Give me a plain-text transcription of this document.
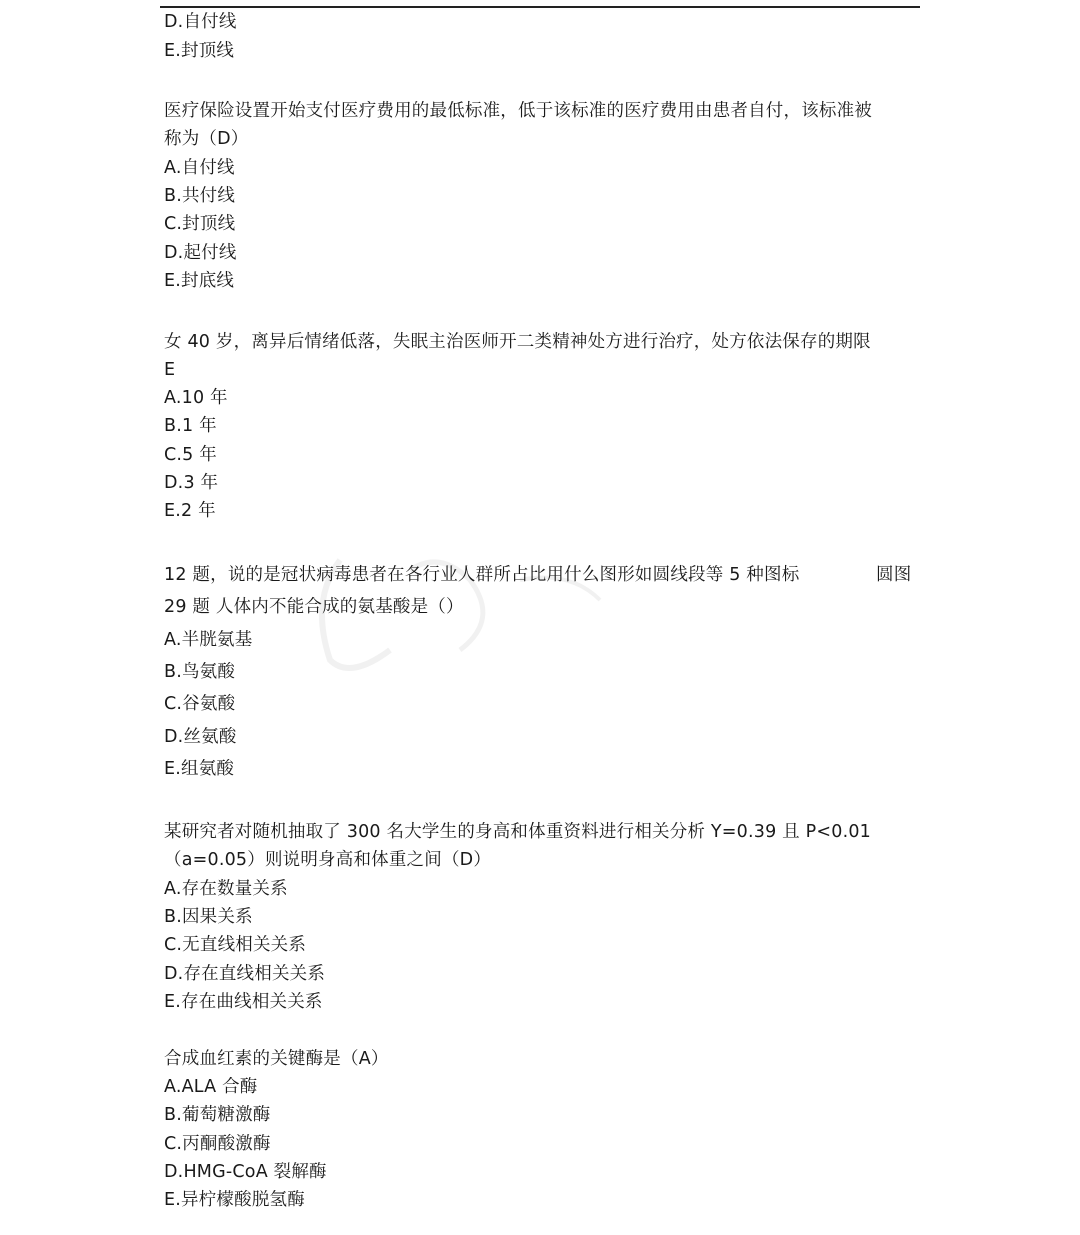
D.自付线
E.封顶线
医疗保险设置开始支付医疗费用的最低标准，低于该标准的医疗费用由患者自付，该标准被
称为（D）
A.自付线
B.共付线
C.封顶线
D.起付线
E.封底线
女 40 岁，离异后情绪低落，失眠主治医师开二类精神处方进行治疗，处方依法保存的期限
E
A.10 年
B.1 年
C.5 年
D.3 年
E.2 年
12 题，说的是冠状病毒患者在各行业人群所占比用什么图形如圆线段等 5 种图标	圆图
29 题 人体内不能合成的氨基酸是（）
A.半胱氨基
B.鸟氨酸
C.谷氨酸
D.丝氨酸
E.组氨酸
某研究者对随机抽取了 300 名大学生的身高和体重资料进行相关分析 Y=0.39 且 P<0.01
（a=0.05）则说明身高和体重之间（D）
A.存在数量关系
B.因果关系
C.无直线相关关系
D.存在直线相关关系
E.存在曲线相关关系
合成血红素的关键酶是（A）
A.ALA 合酶
B.葡萄糖激酶
C.丙酮酸激酶
D.HMG-CoA 裂解酶
E.异柠檬酸脱氢酶
